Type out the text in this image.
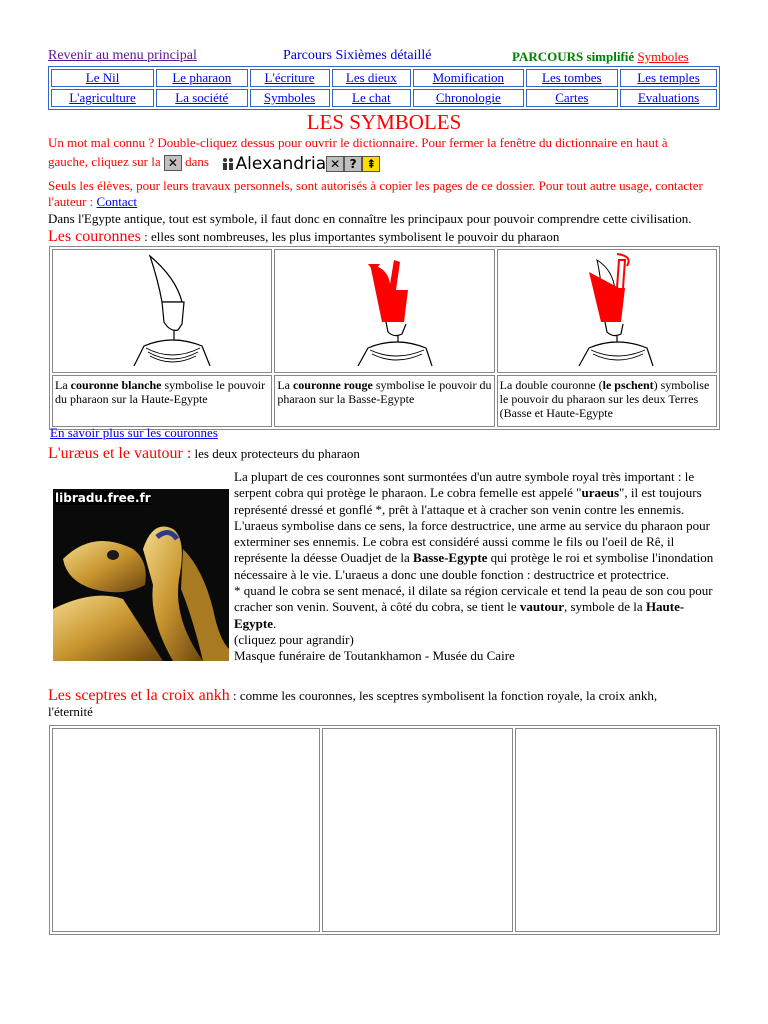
Revenir au menu principal	Parcours Sixièmes détaillé	PARCOURS simplifié Symboles
Le Nil	Le pharaon	L'écriture	Les dieux	Momification	Les tombes	Les temples
L'agriculture	La société	Symboles	Le chat	Chronologie	Cartes	Evaluations
LES SYMBOLES
Un mot mal connu ? Double-cliquez dessus pour ouvrir le dictionnaire. Pour fermer la fenêtre du dictionnaire en haut à
gauche, cliquez sur la ✕ dans Alexandria ✕ ? ⇞
Seuls les élèves, pour leurs travaux personnels, sont autorisés à copier les pages de ce dossier. Pour tout autre usage, contacter l'auteur : Contact
Dans l'Egypte antique, tout est symbole, il faut donc en connaître les principaux pour pouvoir comprendre cette civilisation.
Les couronnes : elles sont nombreuses, les plus importantes symbolisent le pouvoir du pharaon

La couronne blanche symbolise le pouvoir du pharaon sur la Haute-Egypte	La couronne rouge symbolise le pouvoir du pharaon sur la Basse-Egypte	La double couronne (le pschent) symbolise le pouvoir du pharaon sur les deux Terres (Basse et Haute-Egypte
En savoir plus sur les couronnes
L'uræus et le vautour : les deux protecteurs du pharaon
libradu.free.fr
La plupart de ces couronnes sont surmontées d'un autre symbole royal très important : le serpent cobra qui protège le pharaon. Le cobra femelle est appelé "uraeus", il est toujours représenté dressé et gonflé *, prêt à l'attaque et à cracher son venin contre les ennemis. L'uraeus symbolise dans ce sens, la force destructrice, une arme au service du pharaon pour exterminer ses ennemis. Le cobra est considéré aussi comme le fils ou l'oeil de Rê, il représente la déesse Ouadjet de la Basse-Egypte qui protège le roi et symbolise l'inondation nécessaire à le vie. L'uraeus a donc une double fonction : destructrice et protectrice.
* quand le cobra se sent menacé, il dilate sa région cervicale et tend la peau de son cou pour cracher son venin. Souvent, à côté du cobra, se tient le vautour, symbole de la Haute-Egypte.
(cliquez pour agrandir)
Masque funéraire de Toutankhamon - Musée du Caire
Les sceptres et la croix ankh : comme les couronnes, les sceptres symbolisent la fonction royale, la croix ankh,
l'éternité
